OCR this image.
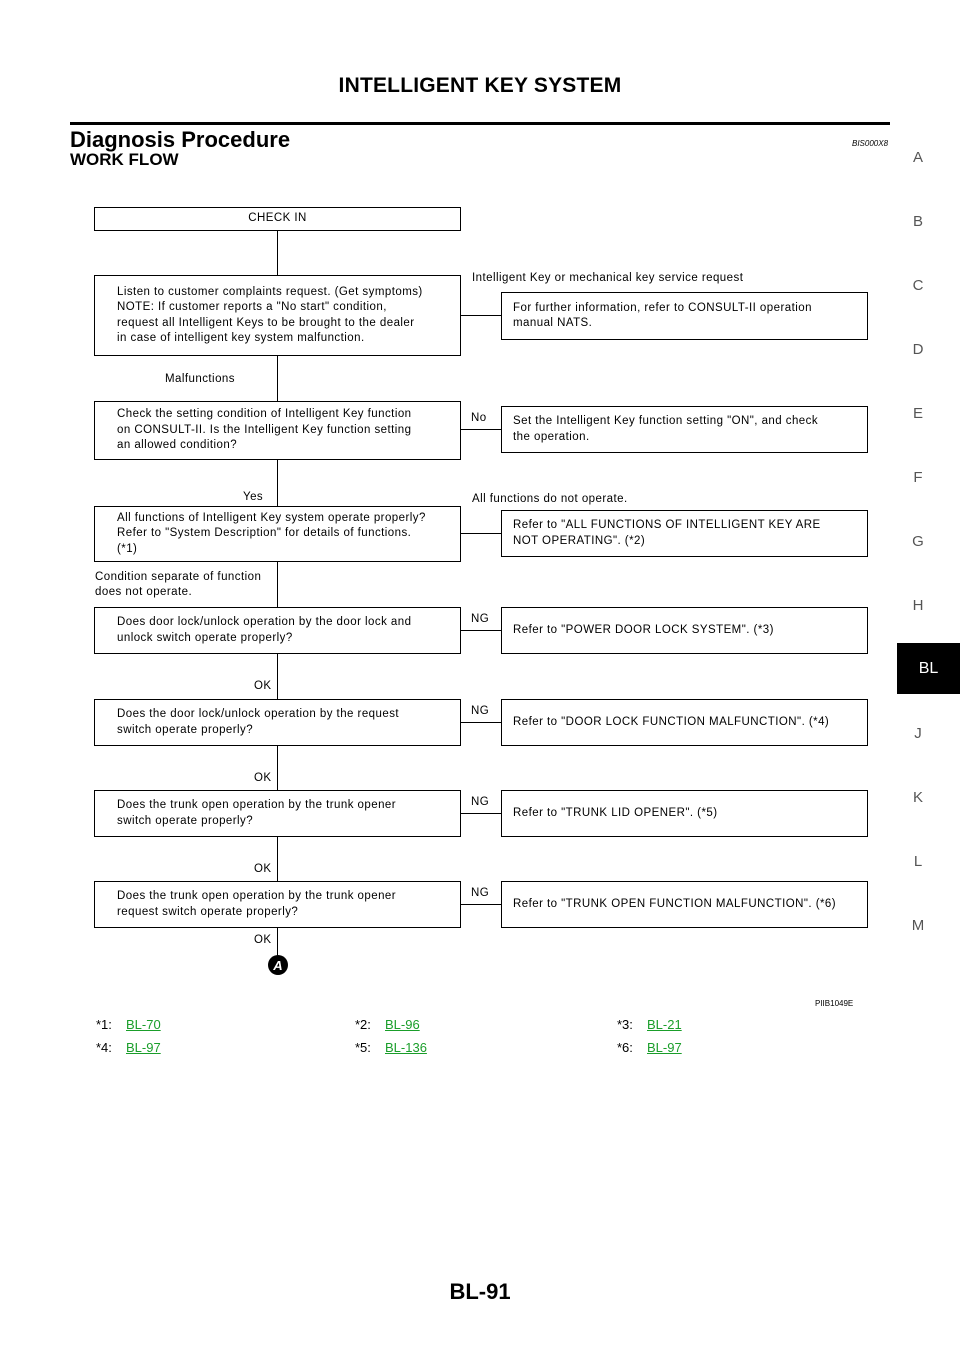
INTELLIGENT KEY SYSTEM
Diagnosis Procedure	BIS000X8
WORK FLOW	A
B
C
D
E
F
G
H
BL
J
K
L
M
CHECK IN
Listen to customer complaints request. (Get symptoms)
NOTE: If customer reports a "No start" condition,
request all Intelligent Keys to be brought to the dealer
in case of intelligent key system malfunction.
Check the setting condition of Intelligent Key function
on CONSULT-II. Is the Intelligent Key function setting
an allowed condition?
All functions of Intelligent Key system operate properly?
Refer to "System Description" for details of functions.
(*1)
Does door lock/unlock operation by the door lock and
unlock switch operate properly?
Does the door lock/unlock operation by the request
switch operate properly?
Does the trunk open operation by the trunk opener
switch operate properly?
Does the trunk open operation by the trunk opener
request switch operate properly?
For further information, refer to CONSULT-II operation
manual NATS.
Set the Intelligent Key function setting "ON", and check
the operation.
Refer to "ALL FUNCTIONS OF INTELLIGENT KEY ARE
NOT OPERATING". (*2)
Refer to "POWER DOOR LOCK SYSTEM". (*3)
Refer to "DOOR LOCK FUNCTION MALFUNCTION". (*4)
Refer to "TRUNK LID OPENER". (*5)
Refer to "TRUNK OPEN FUNCTION MALFUNCTION". (*6)
Intelligent Key or mechanical key service request
Malfunctions
No
Yes	All functions do not operate.
Condition separate of function
does not operate.
NG
NG
NG
NG
OK
OK
OK
OK
A
PIIB1049E
*1: BL-70	*2: BL-96	*3: BL-21
*4: BL-97	*5: BL-136	*6: BL-97
BL-91
